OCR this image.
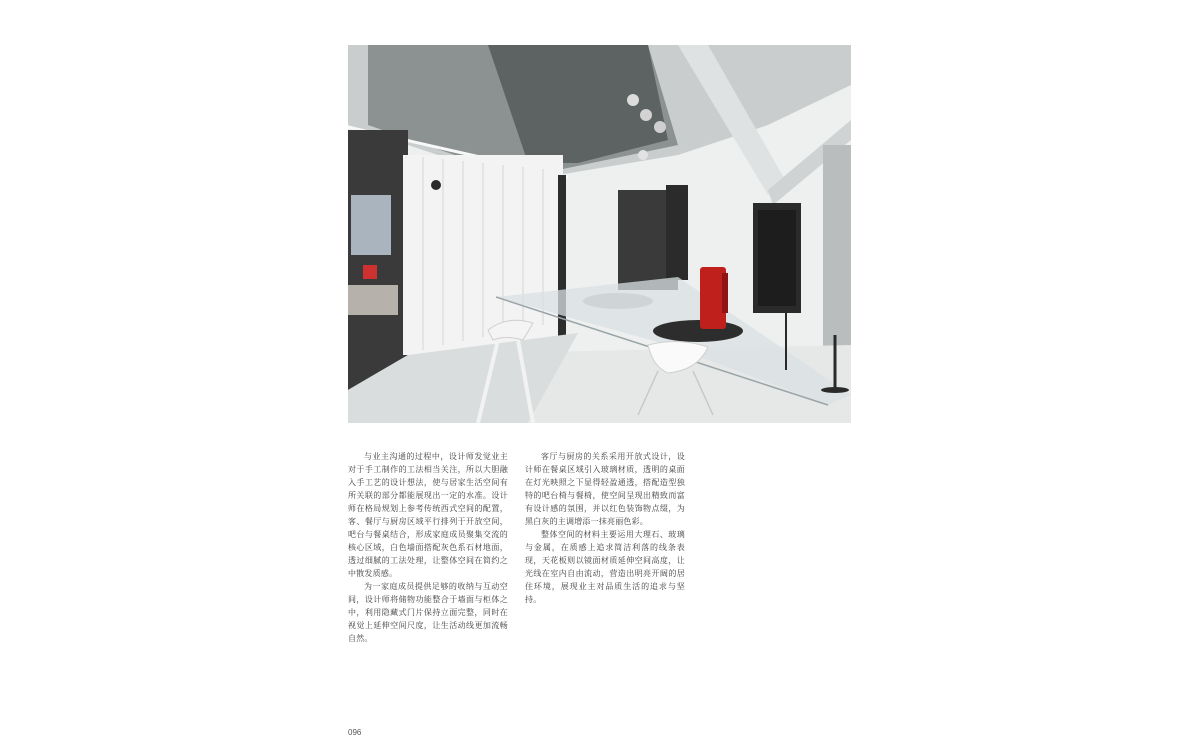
与业主沟通的过程中，设计师发觉业主对于手工制作的工法相当关注，所以大胆融入手工艺的设计想法，使与居家生活空间有所关联的部分都能展现出一定的水准。设计师在格局规划上参考传统西式空间的配置，客、餐厅与厨房区域平行排列于开放空间，吧台与餐桌结合，形成家庭成员聚集交流的核心区域，白色墙面搭配灰色系石材地面，透过细腻的工法处理，让整体空间在简约之中散发质感。

为一家庭成员提供足够的收纳与互动空间，设计师将储物功能整合于墙面与柜体之中，利用隐藏式门片保持立面完整，同时在视觉上延伸空间尺度，让生活动线更加流畅自然。

客厅与厨房的关系采用开放式设计，设计师在餐桌区域引入玻璃材质，透明的桌面在灯光映照之下显得轻盈通透，搭配造型独特的吧台椅与餐椅，使空间呈现出精致而富有设计感的氛围，并以红色装饰物点缀，为黑白灰的主调增添一抹亮丽色彩。

整体空间的材料主要运用大理石、玻璃与金属，在质感上追求简洁利落的线条表现，天花板则以镜面材质延伸空间高度，让光线在室内自由流动，营造出明亮开阔的居住环境，展现业主对品质生活的追求与坚持。

096
